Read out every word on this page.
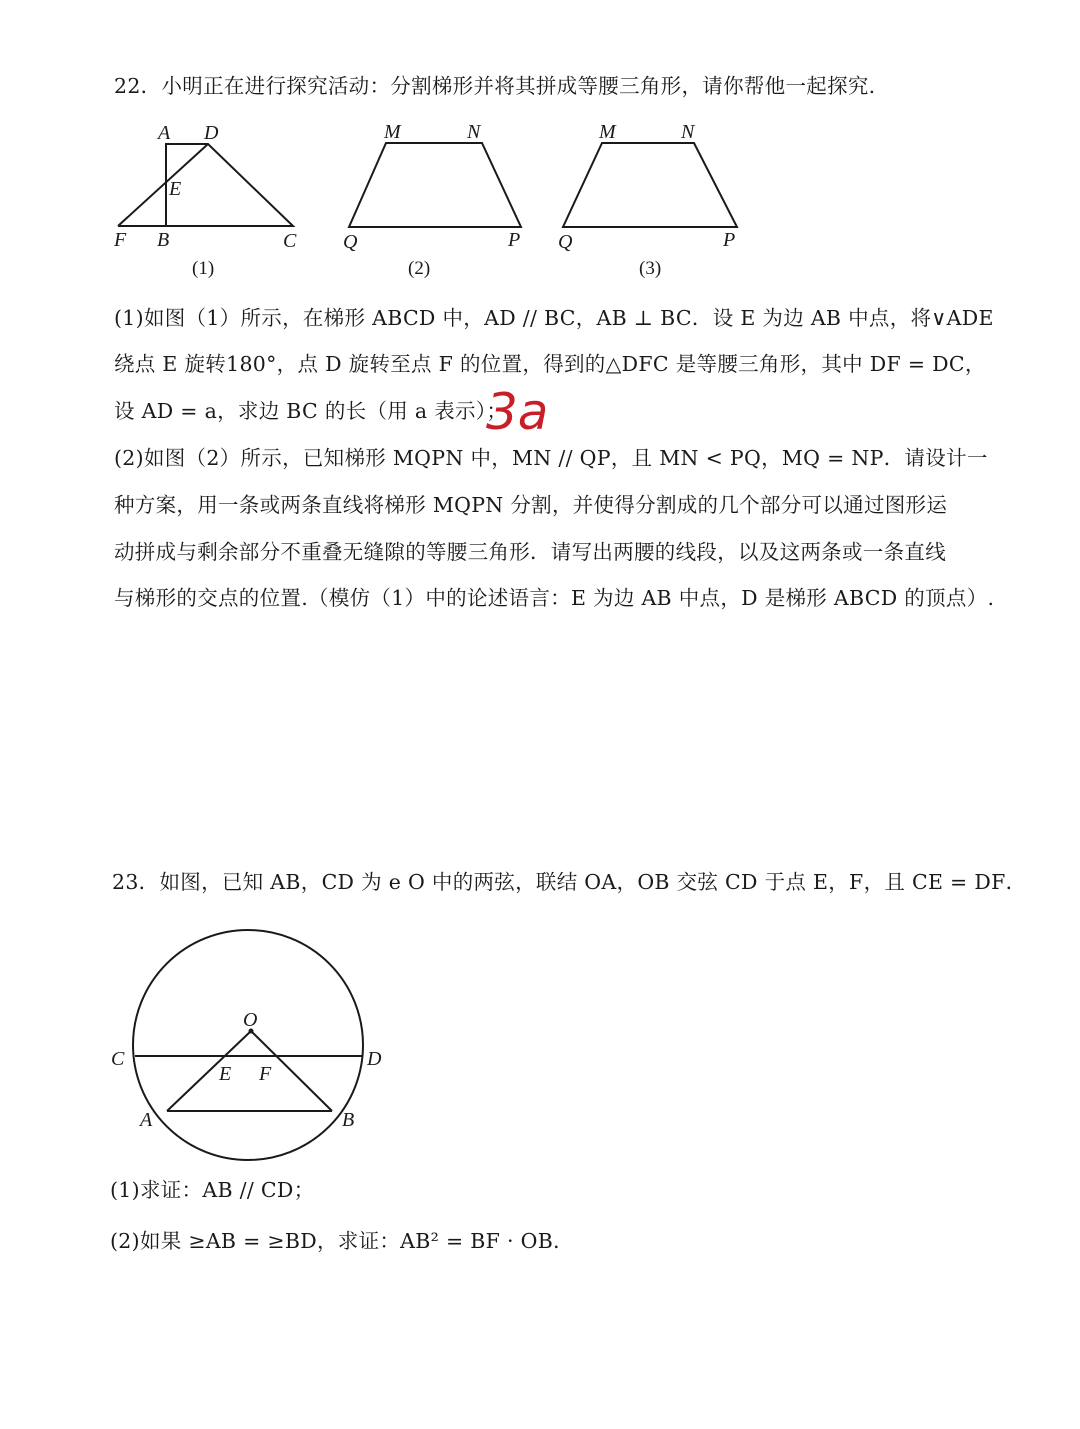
22．小明正在进行探究活动：分割梯形并将其拼成等腰三角形，请你帮他一起探究.
A D
E
F B	C
(1)
M	N
Q	P
(2)
M	N
Q	P
(3)
(1)如图（1）所示，在梯形 ABCD 中，AD // BC，AB ⊥ BC．设 E 为边 AB 中点，将∨ADE
绕点 E 旋转180°，点 D 旋转至点 F 的位置，得到的△DFC 是等腰三角形，其中 DF = DC，
设 AD = a，求边 BC 的长（用 a 表示）；
3a
(2)如图（2）所示，已知梯形 MQPN 中，MN // QP，且 MN < PQ，MQ = NP．请设计一
种方案，用一条或两条直线将梯形 MQPN 分割，并使得分割成的几个部分可以通过图形运
动拼成与剩余部分不重叠无缝隙的等腰三角形．请写出两腰的线段，以及这两条或一条直线
与梯形的交点的位置.（模仿（1）中的论述语言：E 为边 AB 中点，D 是梯形 ABCD 的顶点）.
23．如图，已知 AB，CD 为 e O 中的两弦，联结 OA，OB 交弦 CD 于点 E，F，且 CE = DF．
O
C	D
E F
A	B
(1)求证：AB // CD；
(2)如果 ≥AB = ≥BD，求证：AB² = BF · OB．
